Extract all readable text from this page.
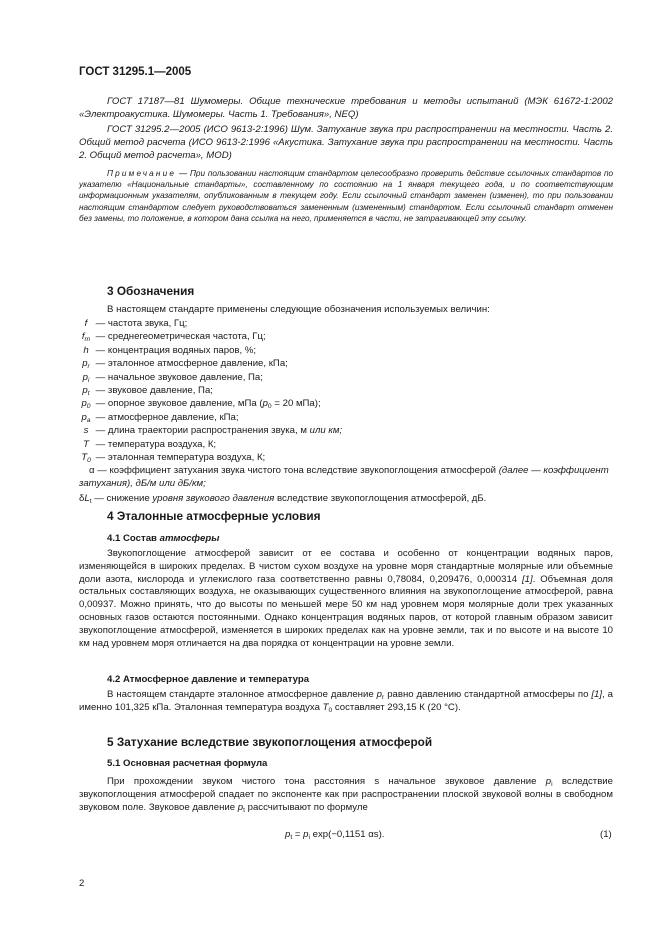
ГОСТ 31295.1—2005
ГОСТ 17187—81 Шумомеры. Общие технические требования и методы испытаний (МЭК 61672-1:2002 «Электроакустика. Шумомеры. Часть 1. Требования», NEQ)
ГОСТ 31295.2—2005 (ИСО 9613-2:1996) Шум. Затухание звука при распространении на местности. Часть 2. Общий метод расчета (ИСО 9613-2:1996 «Акустика. Затухание звука при распространении на местности. Часть 2. Общий метод расчета», MOD)
Примечание — При пользовании настоящим стандартом целесообразно проверить действие ссылочных стандартов по указателю «Национальные стандарты», составленному по состоянию на 1 января текущего года, и по соответствующим информационным указателям, опубликованным в текущем году. Если ссылочный стандарт заменен (изменен), то при пользовании настоящим стандартом следует руководствоваться замененным (измененным) стандартом. Если ссылочный стандарт отменен без замены, то положение, в котором дана ссылка на него, применяется в части, не затрагивающей эту ссылку.
3 Обозначения
В настоящем стандарте применены следующие обозначения используемых величин:
f — частота звука, Гц;
$f_m$ — среднегеометрическая частота, Гц;
h — концентрация водяных паров, %;
$p_r$ — эталонное атмосферное давление, кПа;
$p_i$ — начальное звуковое давление, Па;
$p_t$ — звуковое давление, Па;
$p_0$ — опорное звуковое давление, мПа ($p_0 = 20$ мПа);
$p_a$ — атмосферное давление, кПа;
s — длина траектории распространения звука, м или км;
T — температура воздуха, К;
$T_0$ — эталонная температура воздуха, К;
α — коэффициент затухания звука чистого тона вследствие звукопоглощения атмосферой (далее — коэффициент затухания), дБ/м или дБ/км;
$\delta L_t$ — снижение уровня звукового давления вследствие звукопоглощения атмосферой, дБ.
4 Эталонные атмосферные условия
4.1 Состав атмосферы
Звукопоглощение атмосферой зависит от ее состава и особенно от концентрации водяных паров, изменяющейся в широких пределах. В чистом сухом воздухе на уровне моря стандартные молярные или объемные доли азота, кислорода и углекислого газа соответственно равны 0,78084, 0,209476, 0,000314 [1]. Объемная доля остальных составляющих воздуха, не оказывающих существенного влияния на звукопоглощение атмосферой, равна 0,00937. Можно принять, что до высоты по меньшей мере 50 км над уровнем моря молярные доли трех указанных основных газов остаются постоянными. Однако концентрация водяных паров, от которой главным образом зависит звукопоглощение атмосферой, изменяется в широких пределах как на уровне земли, так и по высоте и на высоте 10 км над уровнем моря отличается на два порядка от концентрации на уровне земли.
4.2 Атмосферное давление и температура
В настоящем стандарте эталонное атмосферное давление $p_r$ равно давлению стандартной атмосферы по [1], а именно 101,325 кПа. Эталонная температура воздуха $T_0$ составляет 293,15 К (20 °С).
5 Затухание вследствие звукопоглощения атмосферой
5.1 Основная расчетная формула
При прохождении звуком чистого тона расстояния s начальное звуковое давление $p_i$ вследствие звукопоглощения атмосферой спадает по экспоненте как при распространении плоской звуковой волны в свободном звуковом поле. Звуковое давление $p_t$ рассчитывают по формуле
$p_t = p_i$ exp(−0,1151 αs).	(1)
2
